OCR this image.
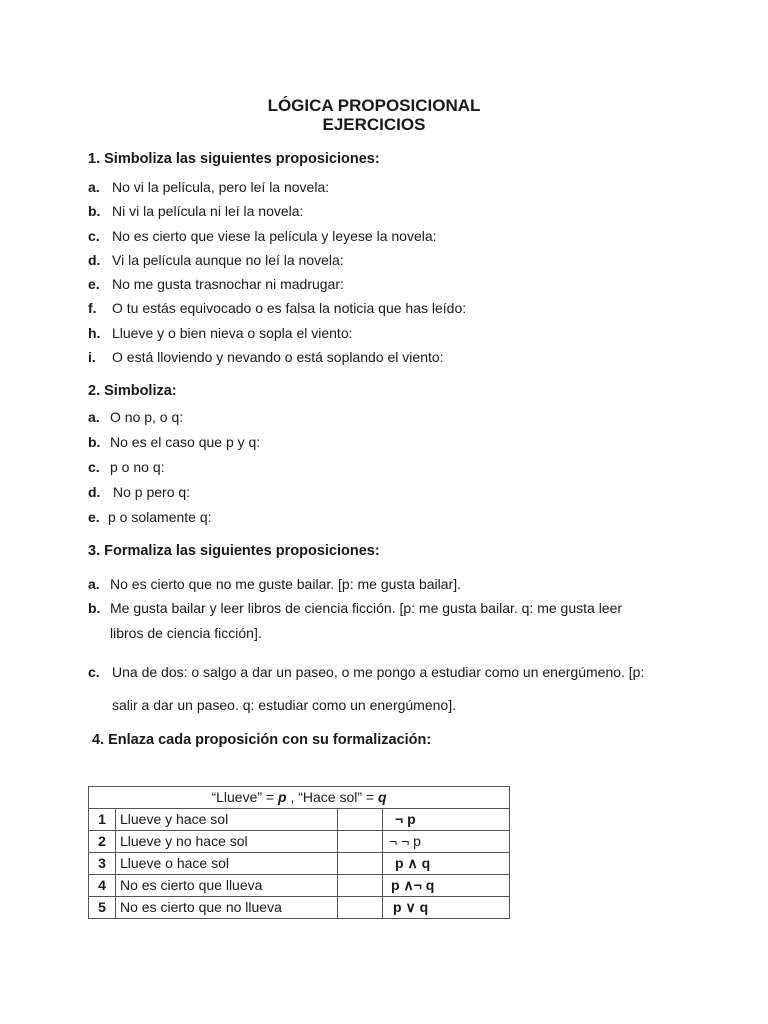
LÓGICA PROPOSICIONAL
EJERCICIOS
1. Simboliza las siguientes proposiciones:
a. No vi la película, pero leí la novela:
b. Ni vi la película ni leí la novela:
c. No es cierto que viese la película y leyese la novela:
d. Vi la película aunque no leí la novela:
e. No me gusta trasnochar ni madrugar:
f. O tu estás equivocado o es falsa la noticia que has leído:
h. Llueve y o bien nieva o sopla el viento:
i. O está lloviendo y nevando o está soplando el viento:
2. Simboliza:
a. O no p, o q:
b. No es el caso que p y q:
c. p o no q:
d. No p pero q:
e. p o solamente q:
3. Formaliza las siguientes proposiciones:
a. No es cierto que no me guste bailar. [p: me gusta bailar].
b. Me gusta bailar y leer libros de ciencia ficción. [p: me gusta bailar. q: me gusta leer
libros de ciencia ficción].
c. Una de dos: o salgo a dar un paseo, o me pongo a estudiar como un energúmeno. [p:
salir a dar un paseo. q: estudiar como un energúmeno].
4. Enlaza cada proposición con su formalización:
“Llueve” = p , “Hace sol” = q			
1	Llueve y hace sol		¬ p
2	Llueve y no hace sol		¬ ¬ p
3	Llueve o hace sol		p ∧ q
4	No es cierto que llueva		p ∧¬ q
5	No es cierto que no llueva		p ∨ q
